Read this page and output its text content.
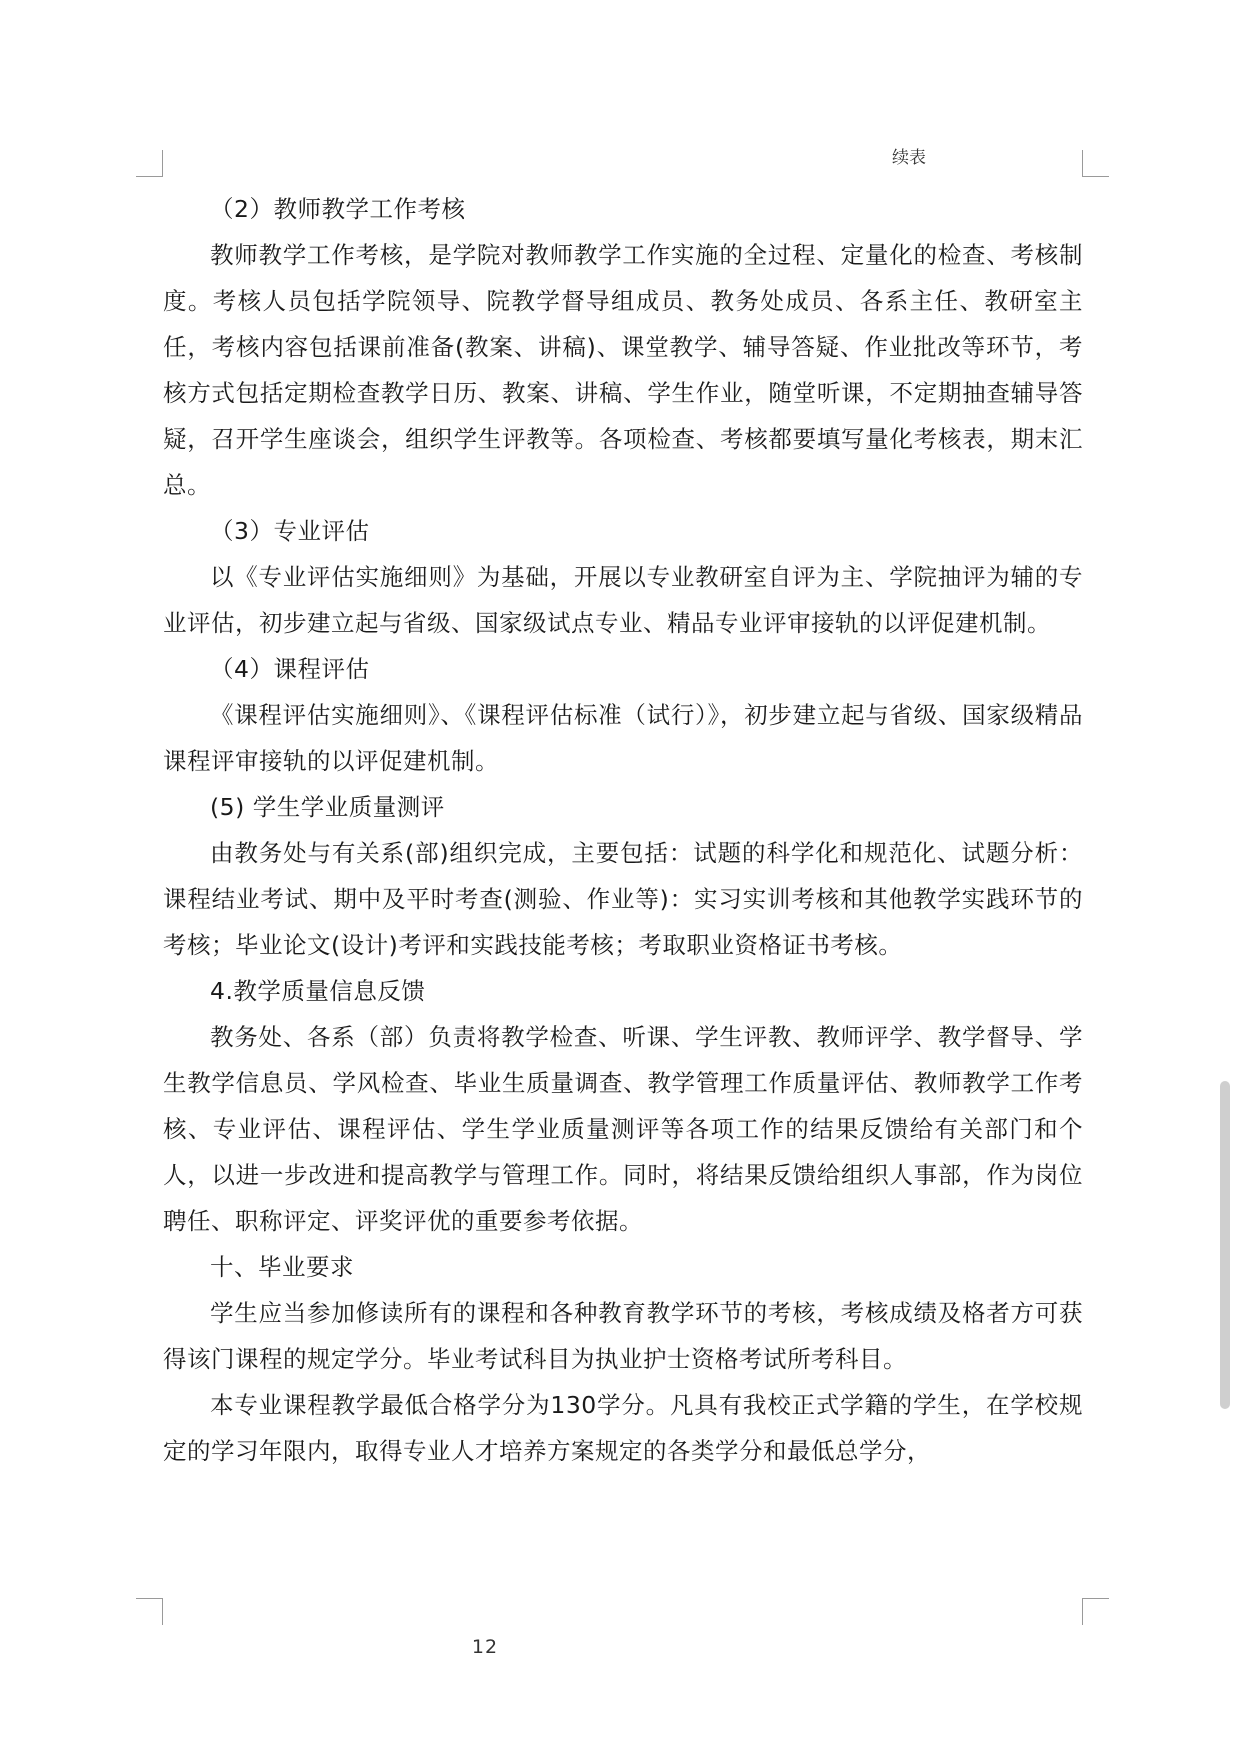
续表

（2）教师教学工作考核

教师教学工作考核，是学院对教师教学工作实施的全过程、定量化的检查、考核制度。考核人员包括学院领导、院教学督导组成员、教务处成员、各系主任、教研室主任，考核内容包括课前准备(教案、讲稿)、课堂教学、辅导答疑、作业批改等环节，考核方式包括定期检查教学日历、教案、讲稿、学生作业，随堂听课，不定期抽查辅导答疑，召开学生座谈会，组织学生评教等。各项检查、考核都要填写量化考核表，期末汇总。

（3）专业评估

以《专业评估实施细则》为基础，开展以专业教研室自评为主、学院抽评为辅的专业评估，初步建立起与省级、国家级试点专业、精品专业评审接轨的以评促建机制。

（4）课程评估

《课程评估实施细则》、《课程评估标准（试行）》，初步建立起与省级、国家级精品课程评审接轨的以评促建机制。

(5) 学生学业质量测评

由教务处与有关系(部)组织完成，主要包括：试题的科学化和规范化、试题分析：课程结业考试、期中及平时考查(测验、作业等)：实习实训考核和其他教学实践环节的考核；毕业论文(设计)考评和实践技能考核；考取职业资格证书考核。

4.教学质量信息反馈

教务处、各系（部）负责将教学检查、听课、学生评教、教师评学、教学督导、学生教学信息员、学风检查、毕业生质量调查、教学管理工作质量评估、教师教学工作考核、专业评估、课程评估、学生学业质量测评等各项工作的结果反馈给有关部门和个人，以进一步改进和提高教学与管理工作。同时，将结果反馈给组织人事部，作为岗位聘任、职称评定、评奖评优的重要参考依据。

十、毕业要求

学生应当参加修读所有的课程和各种教育教学环节的考核，考核成绩及格者方可获得该门课程的规定学分。毕业考试科目为执业护士资格考试所考科目。

本专业课程教学最低合格学分为130学分。凡具有我校正式学籍的学生，在学校规定的学习年限内，取得专业人才培养方案规定的各类学分和最低总学分，

12
